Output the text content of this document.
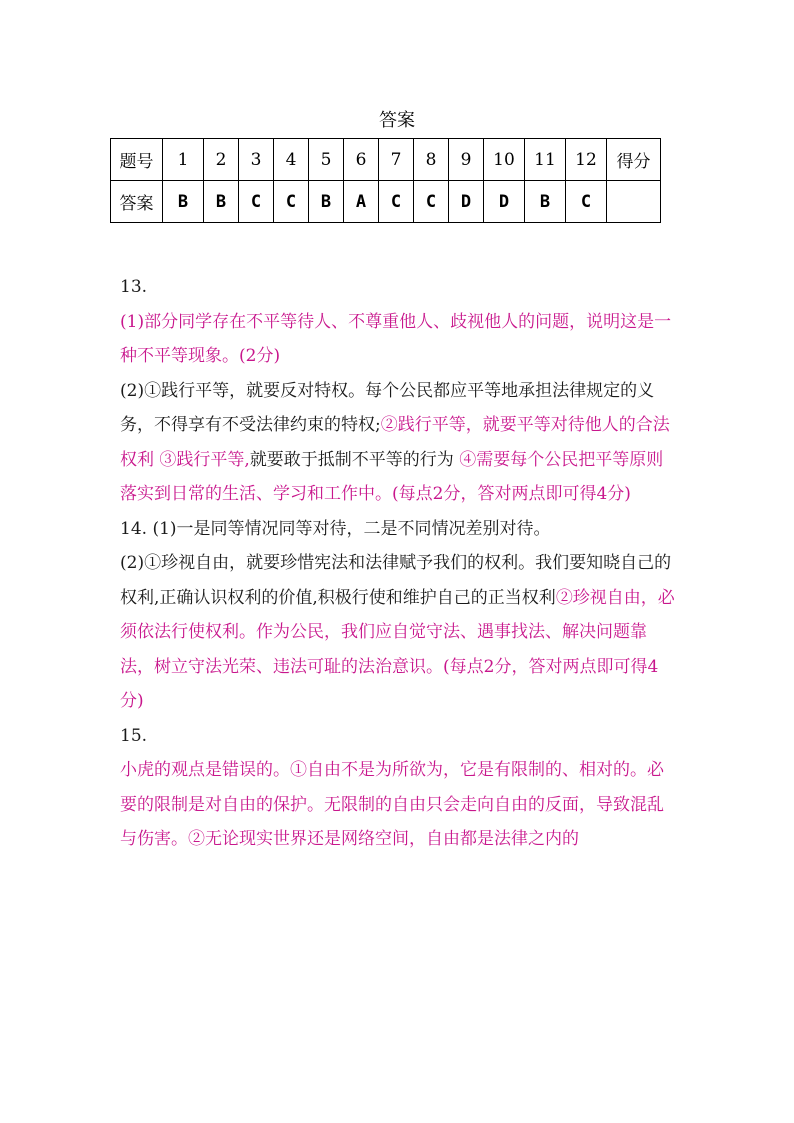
答案
题号	1	2	3	4	5	6	7	8	9	10	11	12	得分
答案	B	B	C	C	B	A	C	C	D	D	B	C	

13.

(1)部分同学存在不平等待人、不尊重他人、歧视他人的问题，说明这是一种不平等现象。(2分)

(2)①践行平等，就要反对特权。每个公民都应平等地承担法律规定的义务，不得享有不受法律约束的特权;②践行平等，就要平等对待他人的合法权利 ③践行平等,就要敢于抵制不平等的行为 ④需要每个公民把平等原则落实到日常的生活、学习和工作中。(每点2分，答对两点即可得4分)

14. (1)一是同等情况同等对待，二是不同情况差别对待。

(2)①珍视自由，就要珍惜宪法和法律赋予我们的权利。我们要知晓自己的权利,正确认识权利的价值,积极行使和维护自己的正当权利②珍视自由，必须依法行使权利。作为公民，我们应自觉守法、遇事找法、解决问题靠法，树立守法光荣、违法可耻的法治意识。(每点2分，答对两点即可得4分)

15.

小虎的观点是错误的。①自由不是为所欲为，它是有限制的、相对的。必要的限制是对自由的保护。无限制的自由只会走向自由的反面，导致混乱与伤害。②无论现实世界还是网络空间，自由都是法律之内的
